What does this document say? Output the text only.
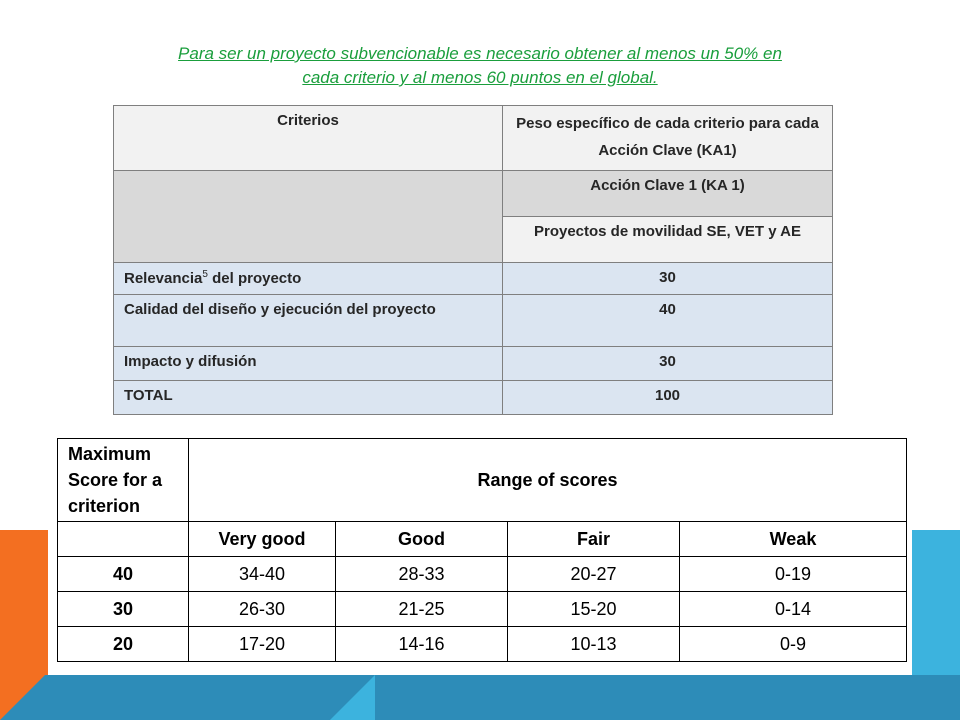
Para ser un proyecto subvencionable es necesario obtener al menos un 50% en
cada criterio y al menos 60 puntos en el global.
Criterios	Peso específico de cada criterio para cada Acción Clave (KA1)
	Acción Clave 1 (KA 1)
	Proyectos de movilidad SE, VET y AE
Relevancia$^5$ del proyecto	30
Calidad del diseño y ejecución del proyecto	40
Impacto y difusión	30
TOTAL	100
Maximum Score for a criterion	Range of scores			
	Very good	Good	Fair	Weak
40	34-40	28-33	20-27	0-19
30	26-30	21-25	15-20	0-14
20	17-20	14-16	10-13	0-9
